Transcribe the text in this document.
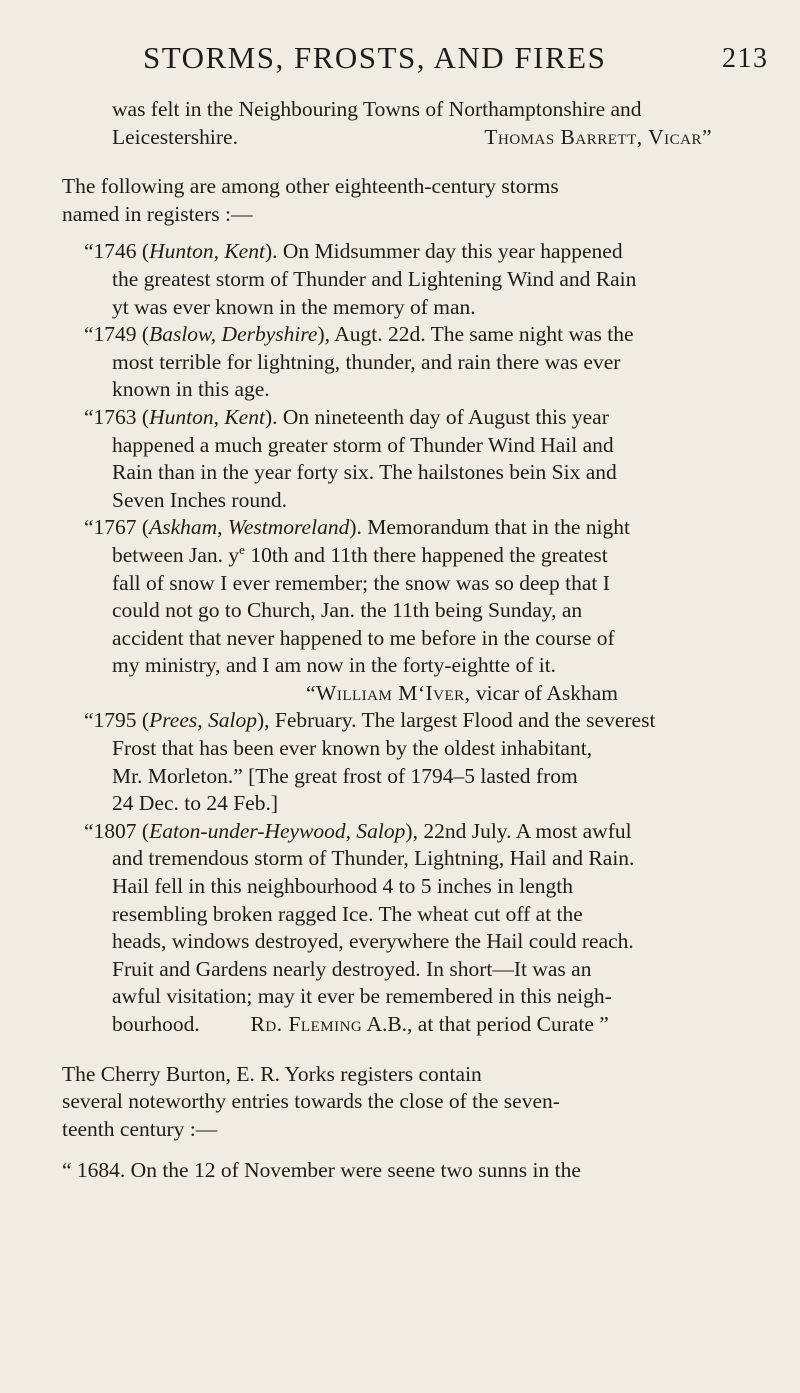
STORMS, FROSTS, AND FIRES	213

was felt in the Neighbouring Towns of Northamptonshire and

Leicestershire.	Thomas Barrett, Vicar”

The following are among other eighteenth-century storms

named in registers :—

“1746 (Hunton, Kent). On Midsummer day this year happened

the greatest storm of Thunder and Lightening Wind and Rain

yt was ever known in the memory of man.

“1749 (Baslow, Derbyshire), Augt. 22d. The same night was the

most terrible for lightning, thunder, and rain there was ever

known in this age.

“1763 (Hunton, Kent). On nineteenth day of August this year

happened a much greater storm of Thunder Wind Hail and

Rain than in the year forty six. The hailstones bein Six and

Seven Inches round.

“1767 (Askham, Westmoreland). Memorandum that in the night

between Jan. $y^e$ 10th and 11th there happened the greatest

fall of snow I ever remember; the snow was so deep that I

could not go to Church, Jan. the 11th being Sunday, an

accident that never happened to me before in the course of

my ministry, and I am now in the forty-eightte of it.

“William M‘Iver, vicar of Askham

“1795 (Prees, Salop), February. The largest Flood and the severest

Frost that has been ever known by the oldest inhabitant,

Mr. Morleton.” [The great frost of 1794–5 lasted from

24 Dec. to 24 Feb.]

“1807 (Eaton-under-Heywood, Salop), 22nd July. A most awful

and tremendous storm of Thunder, Lightning, Hail and Rain.

Hail fell in this neighbourhood 4 to 5 inches in length

resembling broken ragged Ice. The wheat cut off at the

heads, windows destroyed, everywhere the Hail could reach.

Fruit and Gardens nearly destroyed. In short—It was an

awful visitation; may it ever be remembered in this neigh-

bourhood. Rd. Fleming A.B., at that period Curate ”

The Cherry Burton, E. R. Yorks registers contain

several noteworthy entries towards the close of the seven-

teenth century :—

“ 1684. On the 12 of November were seene two sunns in the
